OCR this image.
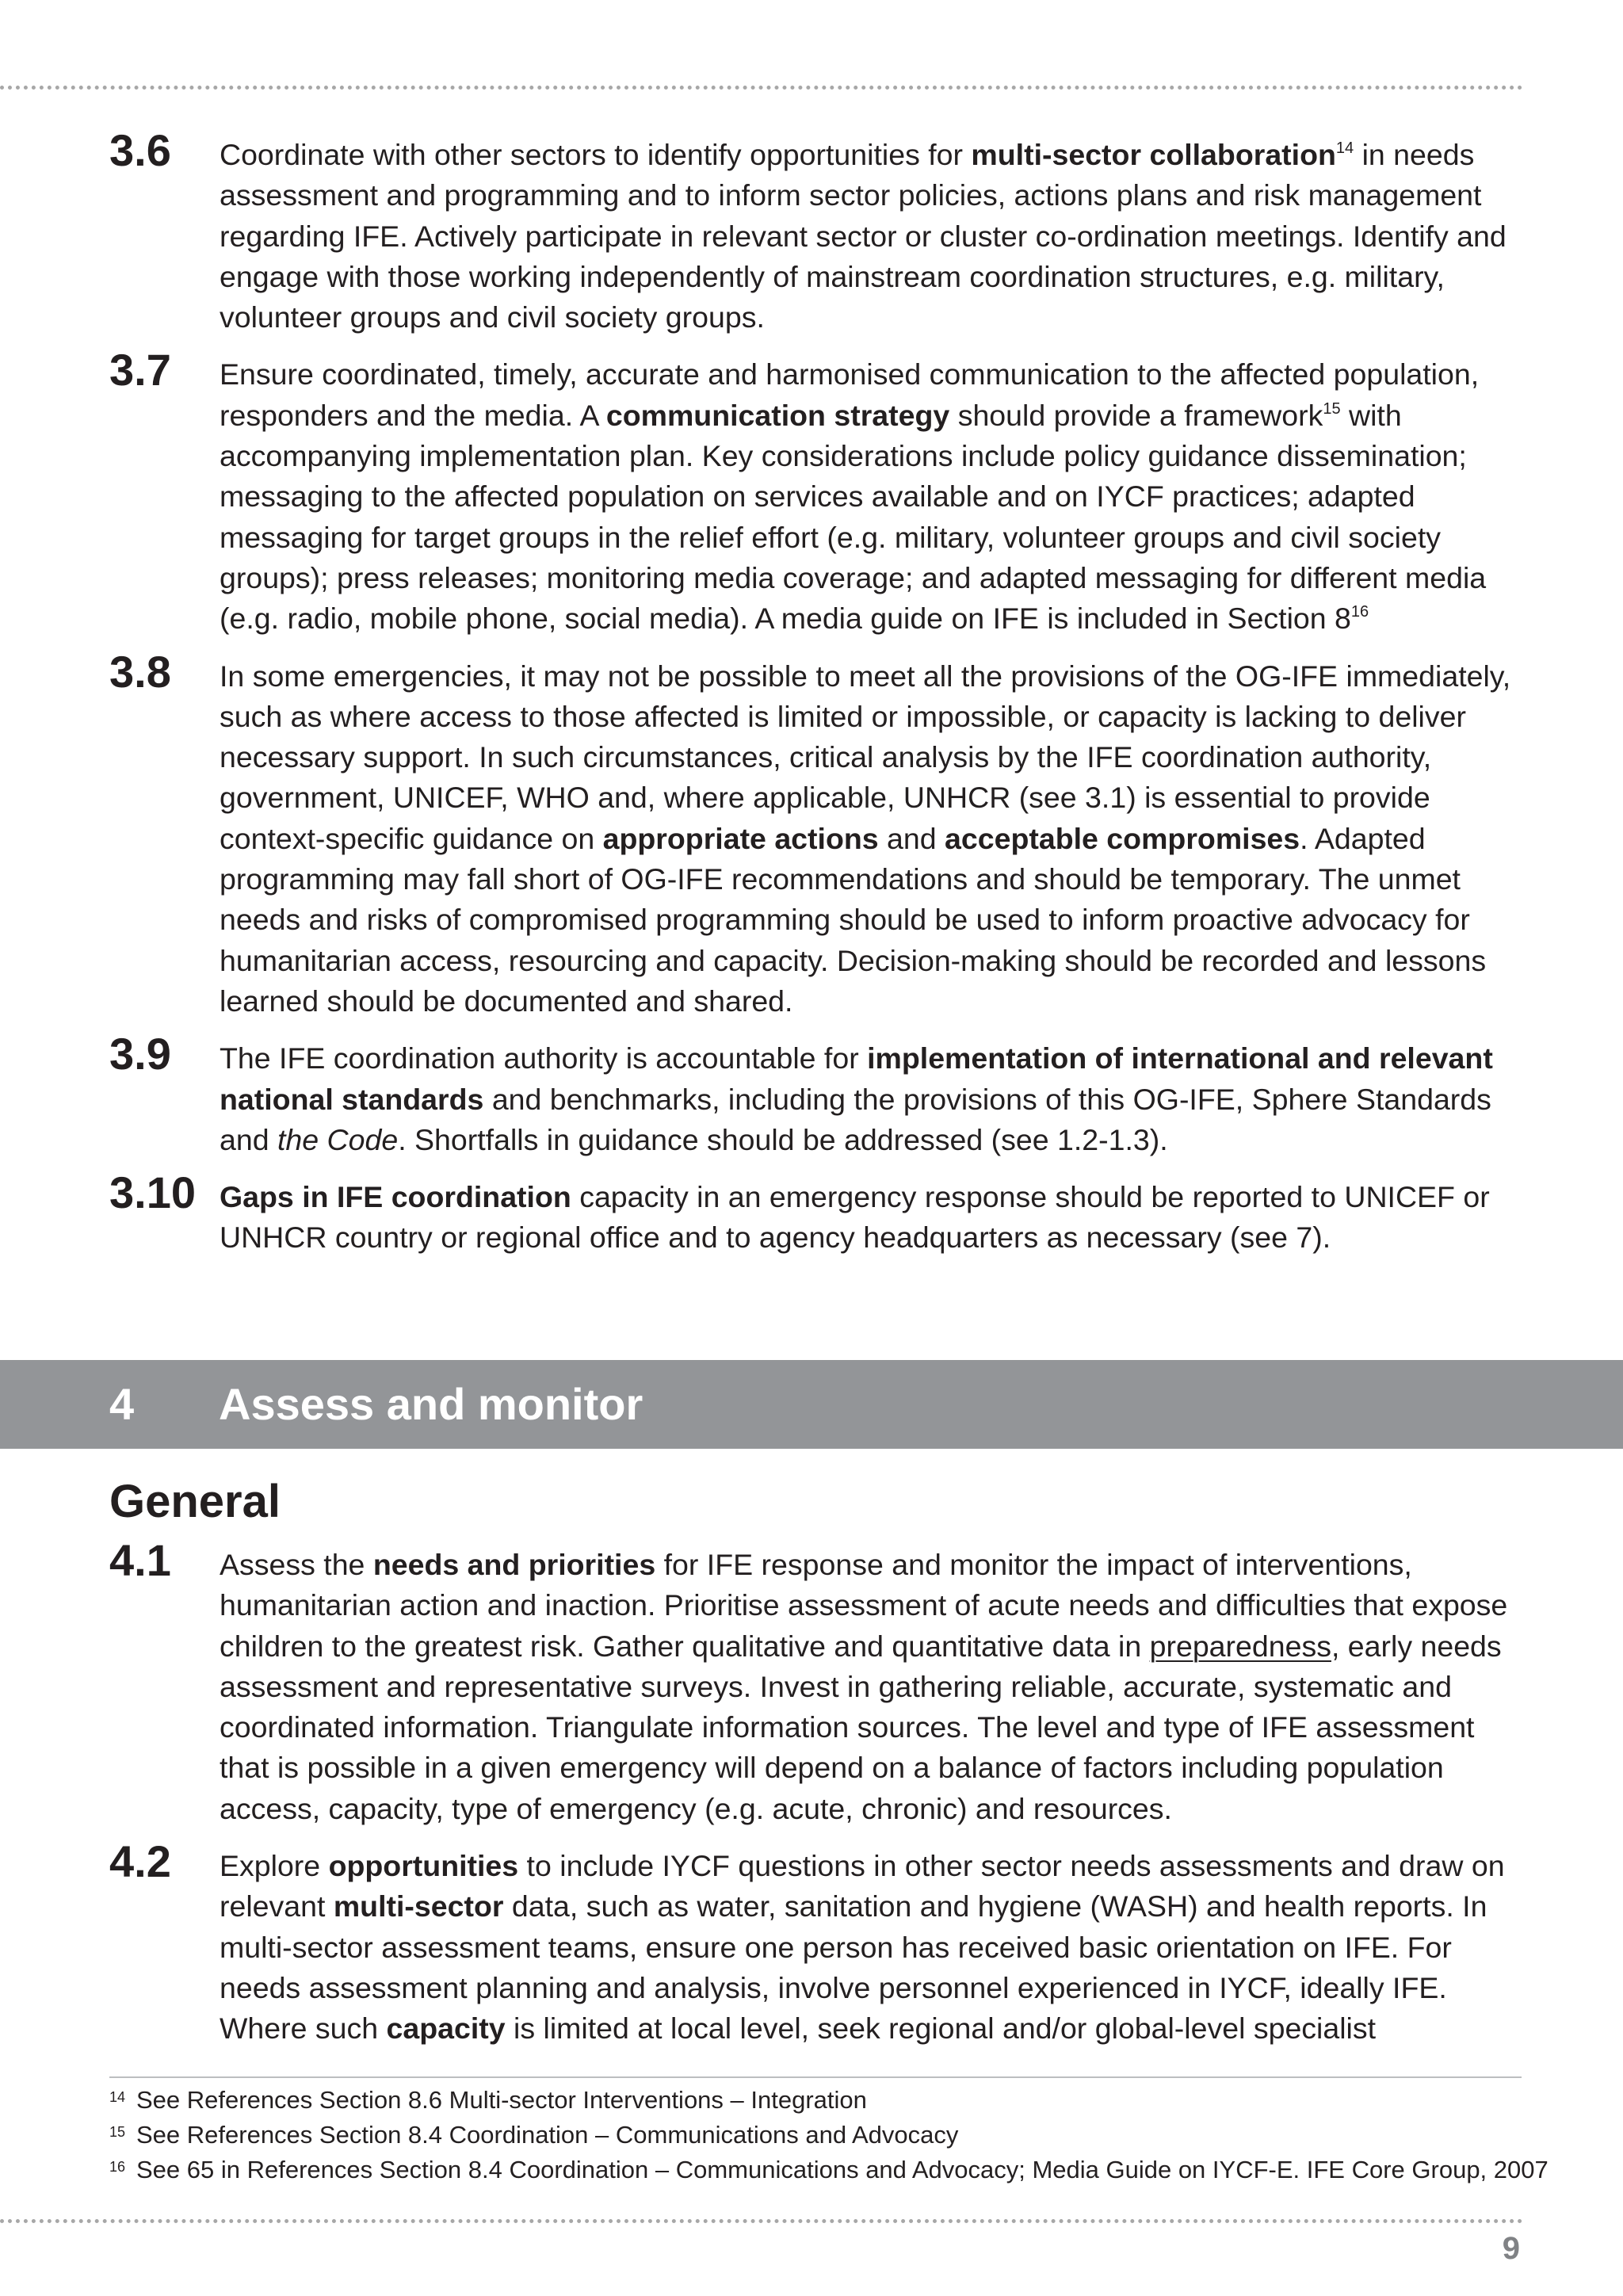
3.6 Coordinate with other sectors to identify opportunities for multi-sector collaboration$^{14}$ in needs assessment and programming and to inform sector policies, actions plans and risk management regarding IFE. Actively participate in relevant sector or cluster co-ordination meetings. Identify and engage with those working independently of mainstream coordination structures, e.g. military, volunteer groups and civil society groups.
3.7 Ensure coordinated, timely, accurate and harmonised communication to the affected population, responders and the media. A communication strategy should provide a framework$^{15}$ with accompanying implementation plan. Key considerations include policy guidance dissemination; messaging to the affected population on services available and on IYCF practices; adapted messaging for target groups in the relief effort (e.g. military, volunteer groups and civil society groups); press releases; monitoring media coverage; and adapted messaging for different media (e.g. radio, mobile phone, social media). A media guide on IFE is included in Section $8^{16}$
3.8 In some emergencies, it may not be possible to meet all the provisions of the OG-IFE immediately, such as where access to those affected is limited or impossible, or capacity is lacking to deliver necessary support. In such circumstances, critical analysis by the IFE coordination authority, government, UNICEF, WHO and, where applicable, UNHCR (see 3.1) is essential to provide context-specific guidance on appropriate actions and acceptable compromises. Adapted programming may fall short of OG-IFE recommendations and should be temporary. The unmet needs and risks of compromised programming should be used to inform proactive advocacy for humanitarian access, resourcing and capacity. Decision-making should be recorded and lessons learned should be documented and shared.
3.9 The IFE coordination authority is accountable for implementation of international and relevant national standards and benchmarks, including the provisions of this OG-IFE, Sphere Standards and the Code. Shortfalls in guidance should be addressed (see 1.2-1.3).
3.10 Gaps in IFE coordination capacity in an emergency response should be reported to UNICEF or UNHCR country or regional office and to agency headquarters as necessary (see 7).
4 Assess and monitor
General
4.1 Assess the needs and priorities for IFE response and monitor the impact of interventions, humanitarian action and inaction. Prioritise assessment of acute needs and difficulties that expose children to the greatest risk. Gather qualitative and quantitative data in preparedness, early needs assessment and representative surveys. Invest in gathering reliable, accurate, systematic and coordinated information. Triangulate information sources. The level and type of IFE assessment that is possible in a given emergency will depend on a balance of factors including population access, capacity, type of emergency (e.g. acute, chronic) and resources.
4.2 Explore opportunities to include IYCF questions in other sector needs assessments and draw on relevant multi-sector data, such as water, sanitation and hygiene (WASH) and health reports. In multi-sector assessment teams, ensure one person has received basic orientation on IFE. For needs assessment planning and analysis, involve personnel experienced in IYCF, ideally IFE. Where such capacity is limited at local level, seek regional and/or global-level specialist
14 See References Section 8.6 Multi-sector Interventions – Integration
15 See References Section 8.4 Coordination – Communications and Advocacy
16 See 65 in References Section 8.4 Coordination – Communications and Advocacy; Media Guide on IYCF-E. IFE Core Group, 2007
9
